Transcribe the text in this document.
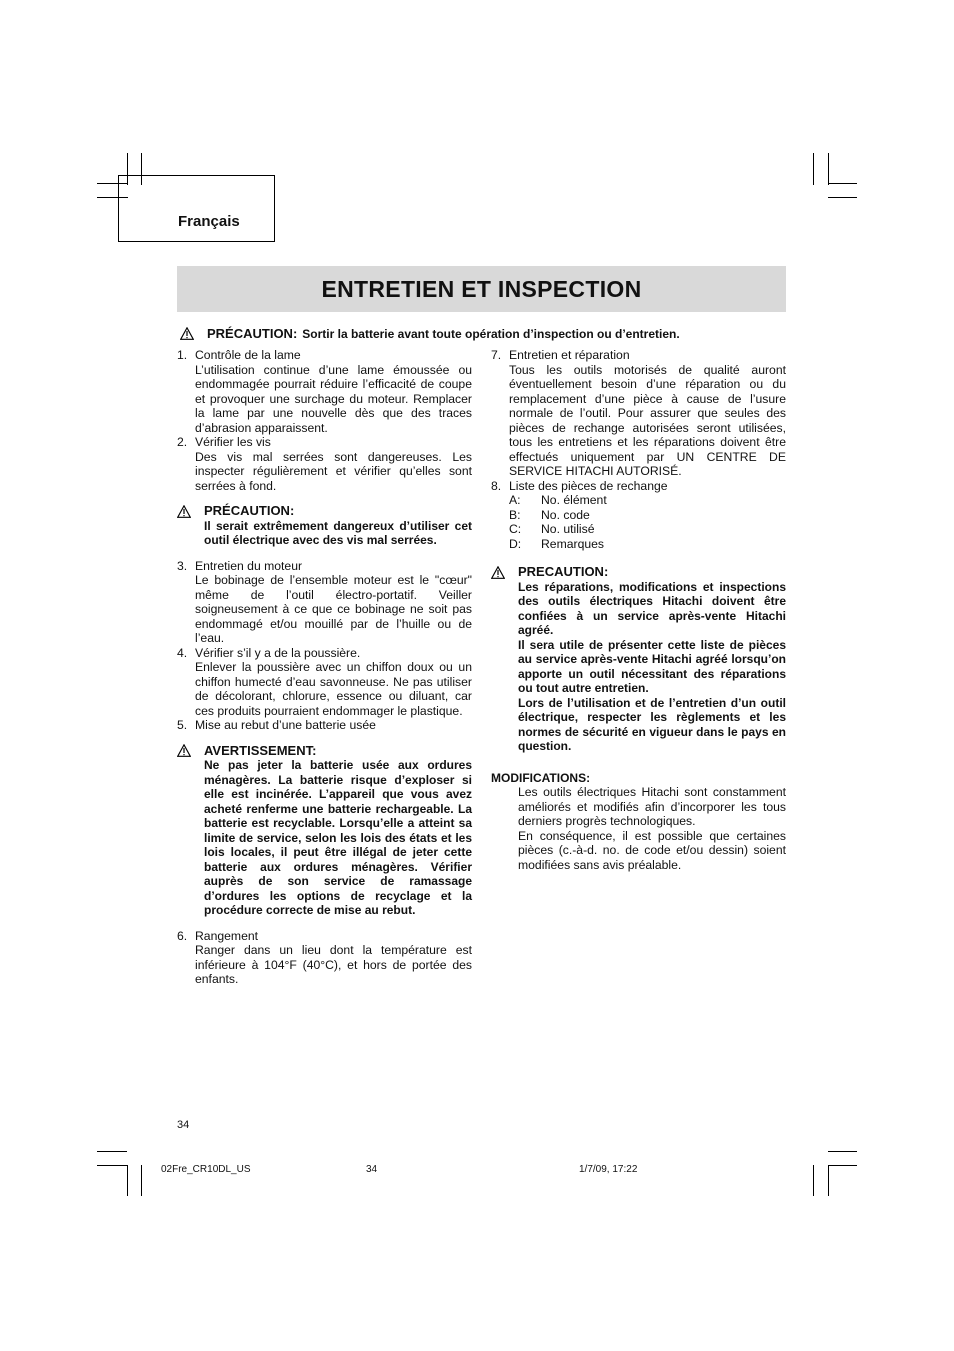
Français
ENTRETIEN ET INSPECTION
PRÉCAUTION: Sortir la batterie avant toute opération d’inspection ou d’entretien.
1. Contrôle de la lame
L’utilisation continue d’une lame émoussée ou endommagée pourrait réduire l’efficacité de coupe et provoquer une surchage du moteur. Remplacer la lame par une nouvelle dès que des traces d’abrasion apparaissent.
2. Vérifier les vis
Des vis mal serrées sont dangereuses. Les inspecter régulièrement et vérifier qu’elles sont serrées à fond.
PRÉCAUTION:
Il serait extrêmement dangereux d’utiliser cet outil électrique avec des vis mal serrées.
3. Entretien du moteur
Le bobinage de l’ensemble moteur est le "cœur" même de l’outil électro-portatif. Veiller soigneusement à ce que ce bobinage ne soit pas endommagé et/ou mouillé par de l’huille ou de l’eau.
4. Vérifier s’il y a de la poussière.
Enlever la poussière avec un chiffon doux ou un chiffon humecté d’eau savonneuse. Ne pas utiliser de décolorant, chlorure, essence ou diluant, car ces produits pourraient endommager le plastique.
5. Mise au rebut d’une batterie usée
AVERTISSEMENT:
Ne pas jeter la batterie usée aux ordures ménagères. La batterie risque d’exploser si elle est incinérée. L’appareil que vous avez acheté renferme une batterie rechargeable. La batterie est recyclable. Lorsqu’elle a atteint sa limite de service, selon les lois des états et les lois locales, il peut être illégal de jeter cette batterie aux ordures ménagères. Vérifier auprès de son service de ramassage d’ordures les options de recyclage et la procédure correcte de mise au rebut.
6. Rangement
Ranger dans un lieu dont la température est inférieure à 104°F (40°C), et hors de portée des enfants.
7. Entretien et réparation
Tous les outils motorisés de qualité auront éventuellement besoin d’une réparation ou du remplacement d’une pièce à cause de l’usure normale de l’outil. Pour assurer que seules des pièces de rechange autorisées seront utilisées, tous les entretiens et les réparations doivent être effectués uniquement par UN CENTRE DE SERVICE HITACHI AUTORISÉ.
8. Liste des pièces de rechange
A:	No. élément
B:	No. code
C:	No. utilisé
D:	Remarques
PRECAUTION:
Les réparations, modifications et inspections des outils électriques Hitachi doivent être confiées à un service après-vente Hitachi agréé.
Il sera utile de présenter cette liste de pièces au service après-vente Hitachi agréé lorsqu’on apporte un outil nécessitant des réparations ou tout autre entretien.
Lors de l’utilisation et de l’entretien d’un outil électrique, respecter les règlements et les normes de sécurité en vigueur dans le pays en question.
MODIFICATIONS:
Les outils électriques Hitachi sont constamment améliorés et modifiés afin d’incorporer les tous derniers progrès technologiques.
En conséquence, il est possible que certaines pièces (c.-à-d. no. de code et/ou dessin) soient modifiées sans avis préalable.
34
02Fre_CR10DL_US	34	1/7/09, 17:22
